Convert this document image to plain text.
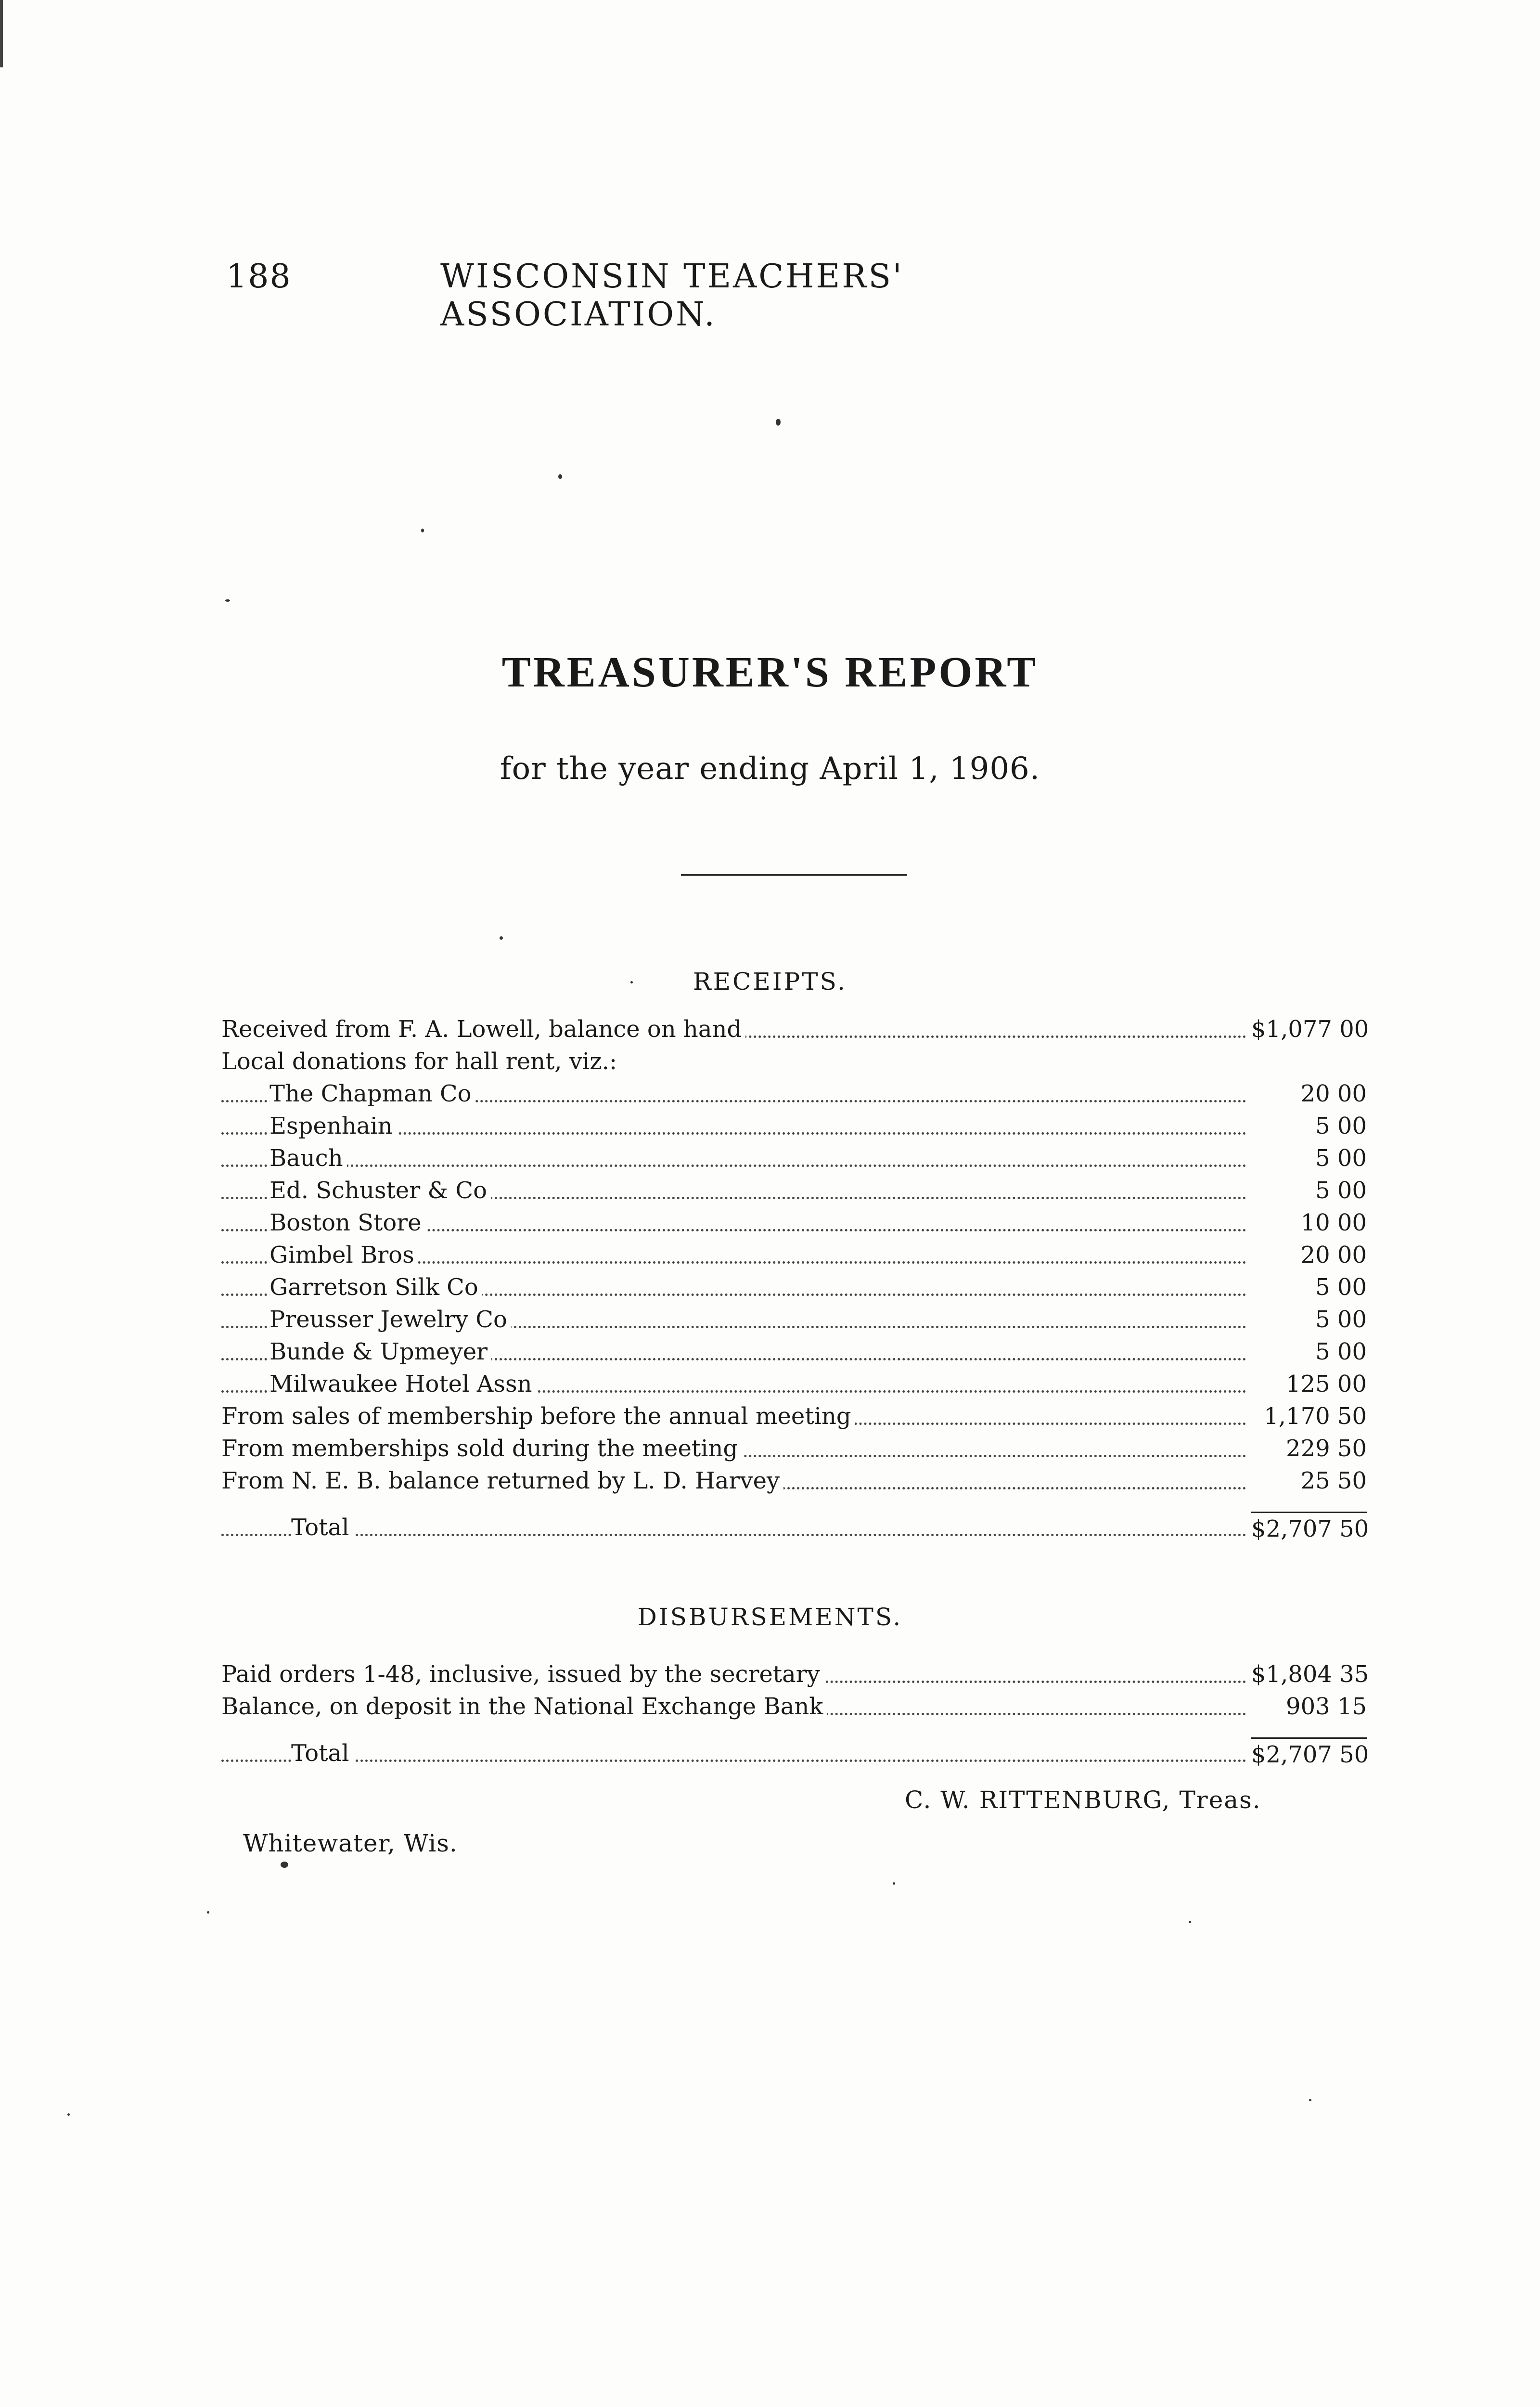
188	WISCONSIN TEACHERS' ASSOCIATION.
TREASURER'S REPORT
for the year ending April 1, 1906.
RECEIPTS.
Received from F. A. Lowell, balance on hand	$1,077 00
Local donations for hall rent, viz.:
The Chapman Co	20 00
Espenhain	5 00
Bauch	5 00
Ed. Schuster & Co	5 00
Boston Store	10 00
Gimbel Bros	20 00
Garretson Silk Co	5 00
Preusser Jewelry Co	5 00
Bunde & Upmeyer	5 00
Milwaukee Hotel Assn	125 00
From sales of membership before the annual meeting	1,170 50
From memberships sold during the meeting	229 50
From N. E. B. balance returned by L. D. Harvey	25 50
Total	$2,707 50
DISBURSEMENTS.
Paid orders 1-48, inclusive, issued by the secretary	$1,804 35
Balance, on deposit in the National Exchange Bank	903 15
Total	$2,707 50
C. W. RITTENBURG, Treas.
Whitewater, Wis.
